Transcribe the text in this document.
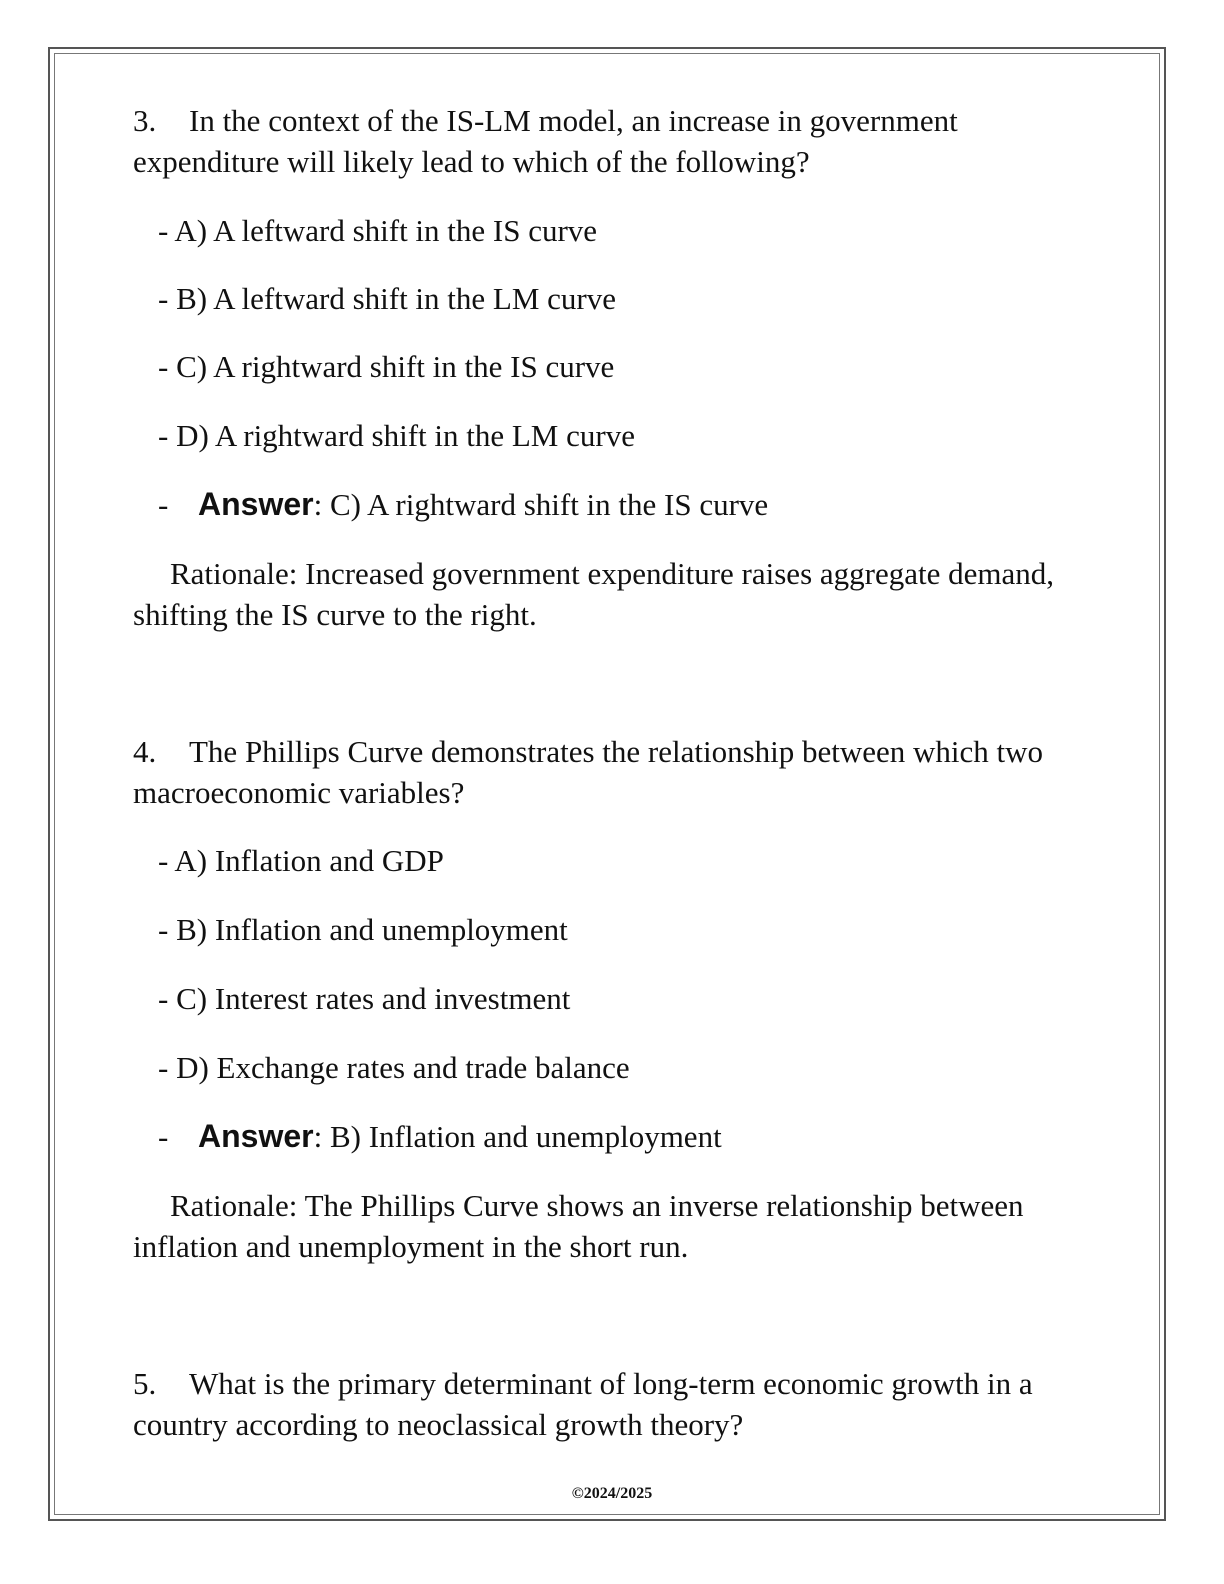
3. In the context of the IS-LM model, an increase in government expenditure will likely lead to which of the following?

- A) A leftward shift in the IS curve

- B) A leftward shift in the LM curve

- C) A rightward shift in the IS curve

- D) A rightward shift in the LM curve

- Answer: C) A rightward shift in the IS curve

Rationale: Increased government expenditure raises aggregate demand, shifting the IS curve to the right.

4. The Phillips Curve demonstrates the relationship between which two macroeconomic variables?

- A) Inflation and GDP

- B) Inflation and unemployment

- C) Interest rates and investment

- D) Exchange rates and trade balance

- Answer: B) Inflation and unemployment

Rationale: The Phillips Curve shows an inverse relationship between inflation and unemployment in the short run.

5. What is the primary determinant of long-term economic growth in a country according to neoclassical growth theory?

©2024/2025
